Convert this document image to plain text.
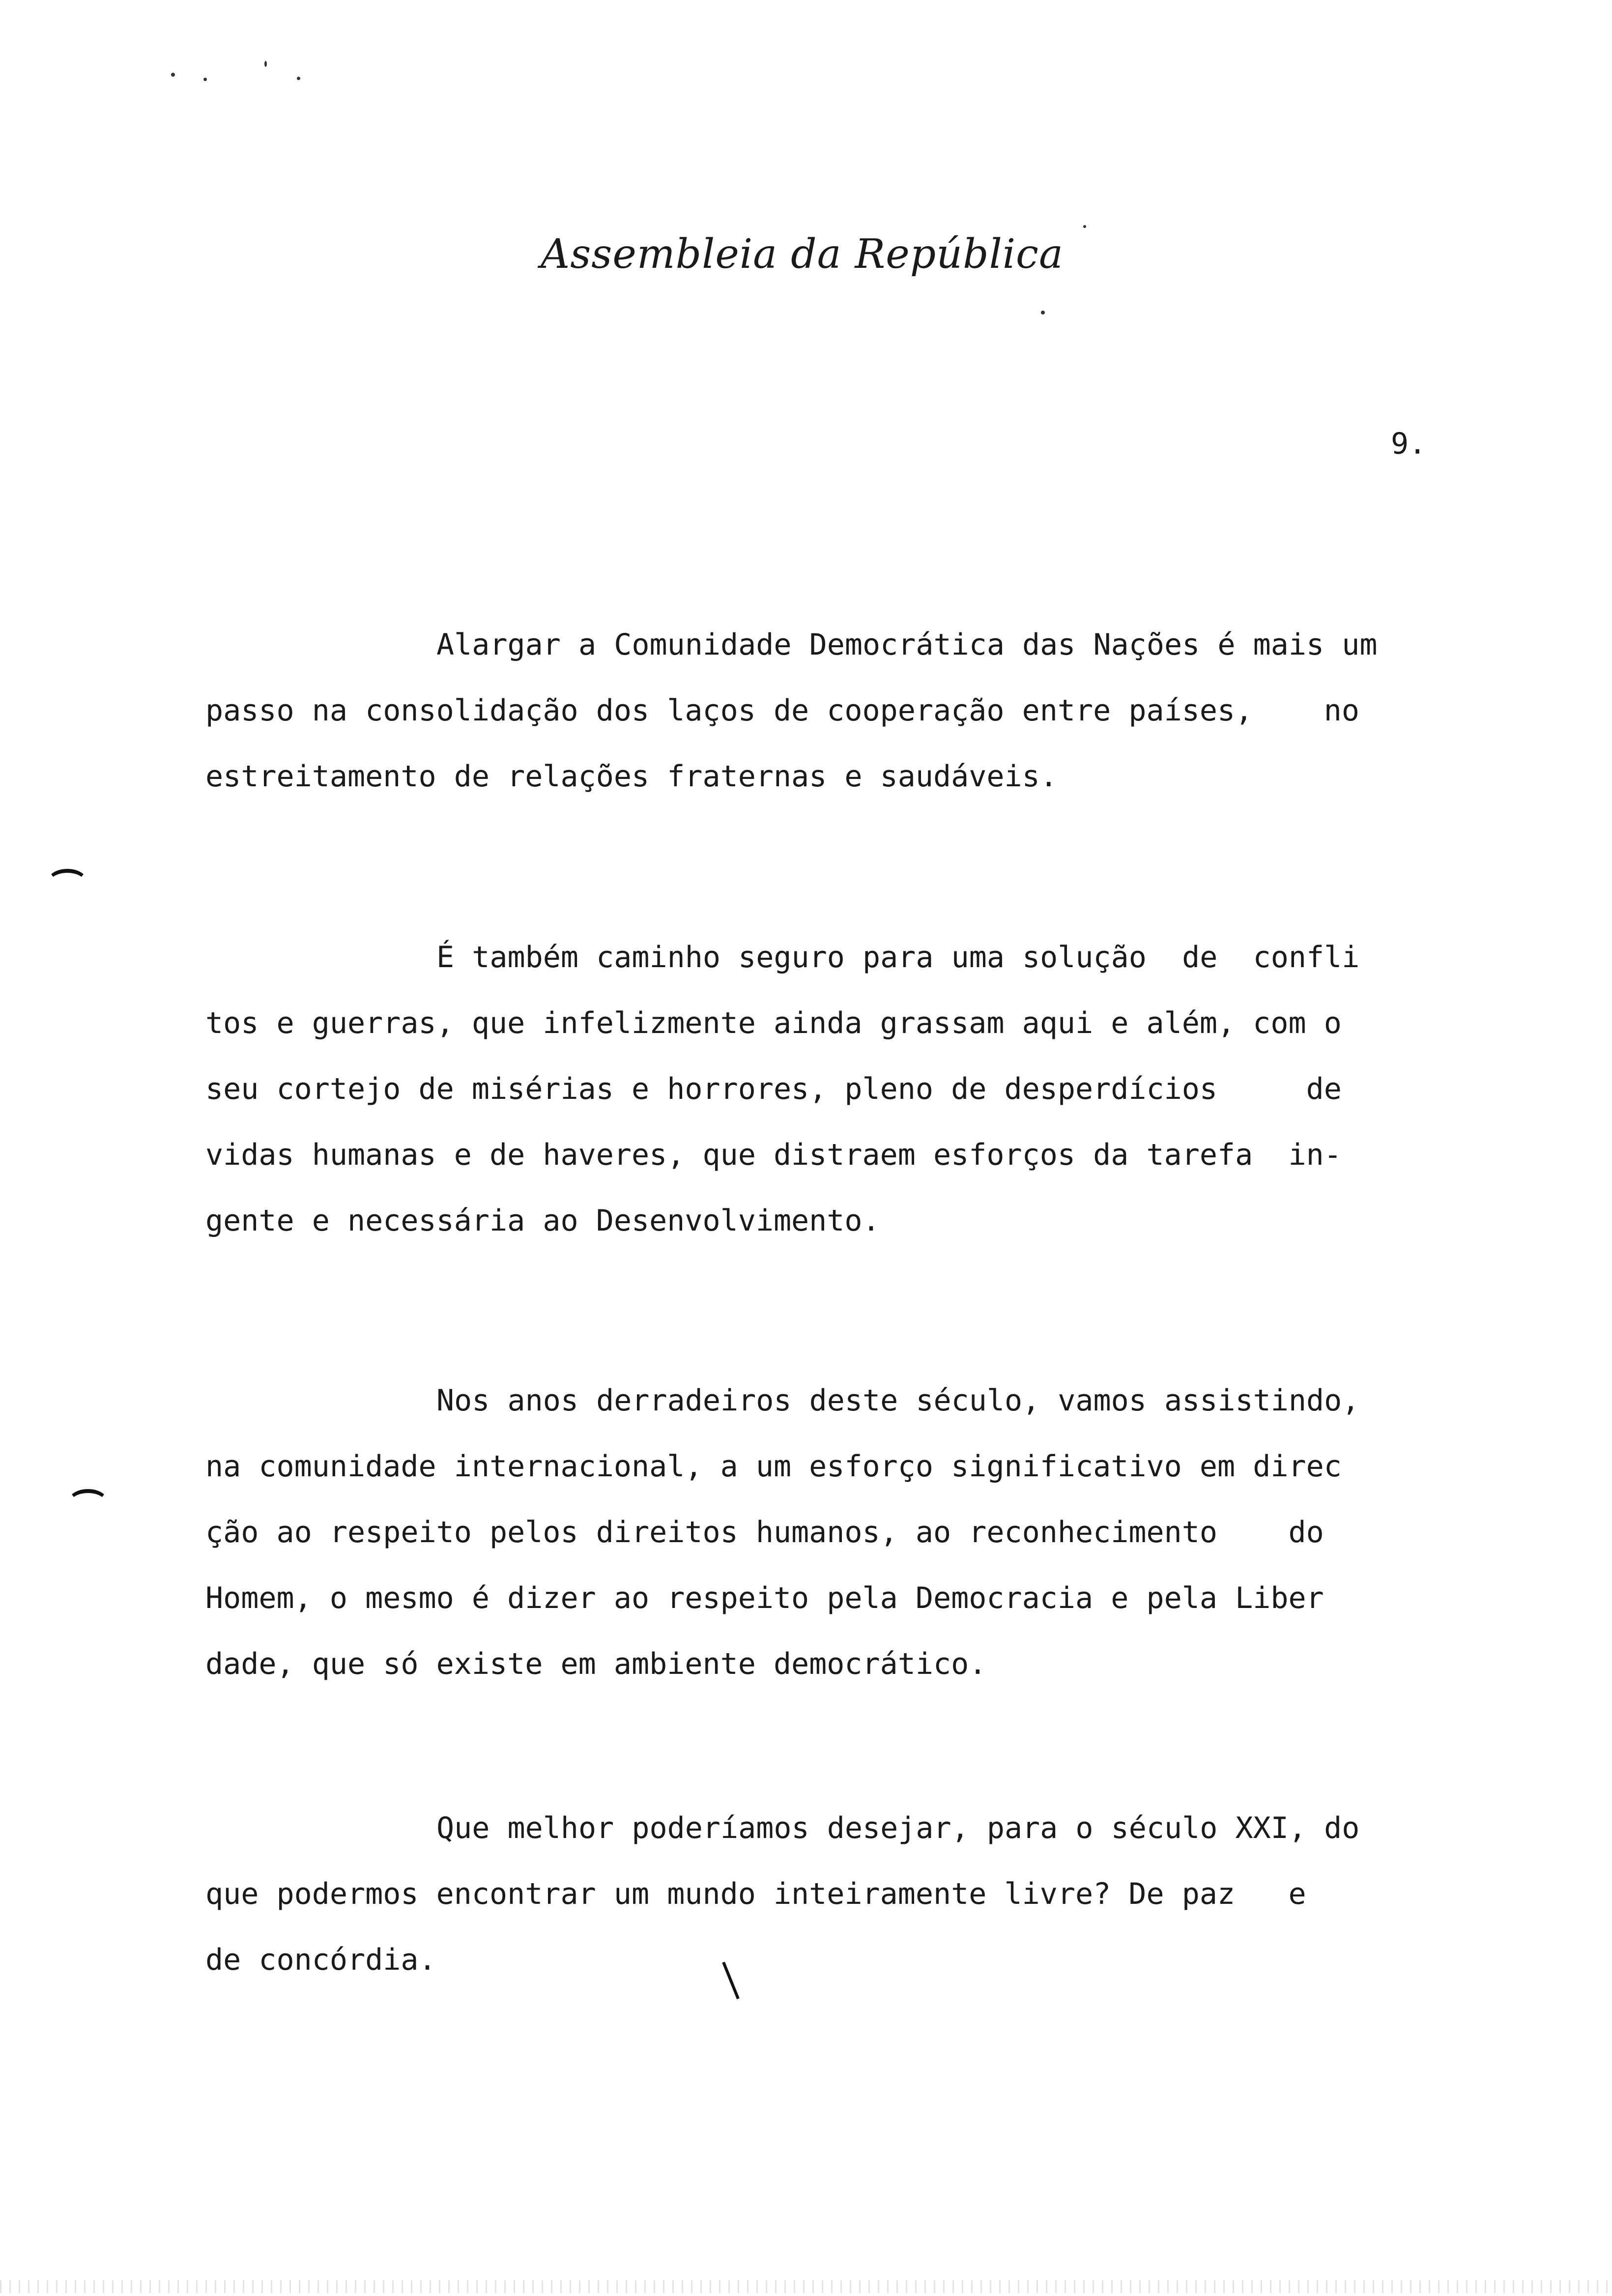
Assembleia da República
9.
Alargar a Comunidade Democrática das Nações é mais um
passo na consolidação dos laços de cooperação entre países,    no
estreitamento de relações fraternas e saudáveis.
É também caminho seguro para uma solução  de  confli
tos e guerras, que infelizmente ainda grassam aqui e além, com o
seu cortejo de misérias e horrores, pleno de desperdícios     de
vidas humanas e de haveres, que distraem esforços da tarefa  in-
gente e necessária ao Desenvolvimento.
Nos anos derradeiros deste século, vamos assistindo,
na comunidade internacional, a um esforço significativo em direc
ção ao respeito pelos direitos humanos, ao reconhecimento    do
Homem, o mesmo é dizer ao respeito pela Democracia e pela Liber
dade, que só existe em ambiente democrático.
Que melhor poderíamos desejar, para o século XXI, do
que podermos encontrar um mundo inteiramente livre? De paz   e
de concórdia.
